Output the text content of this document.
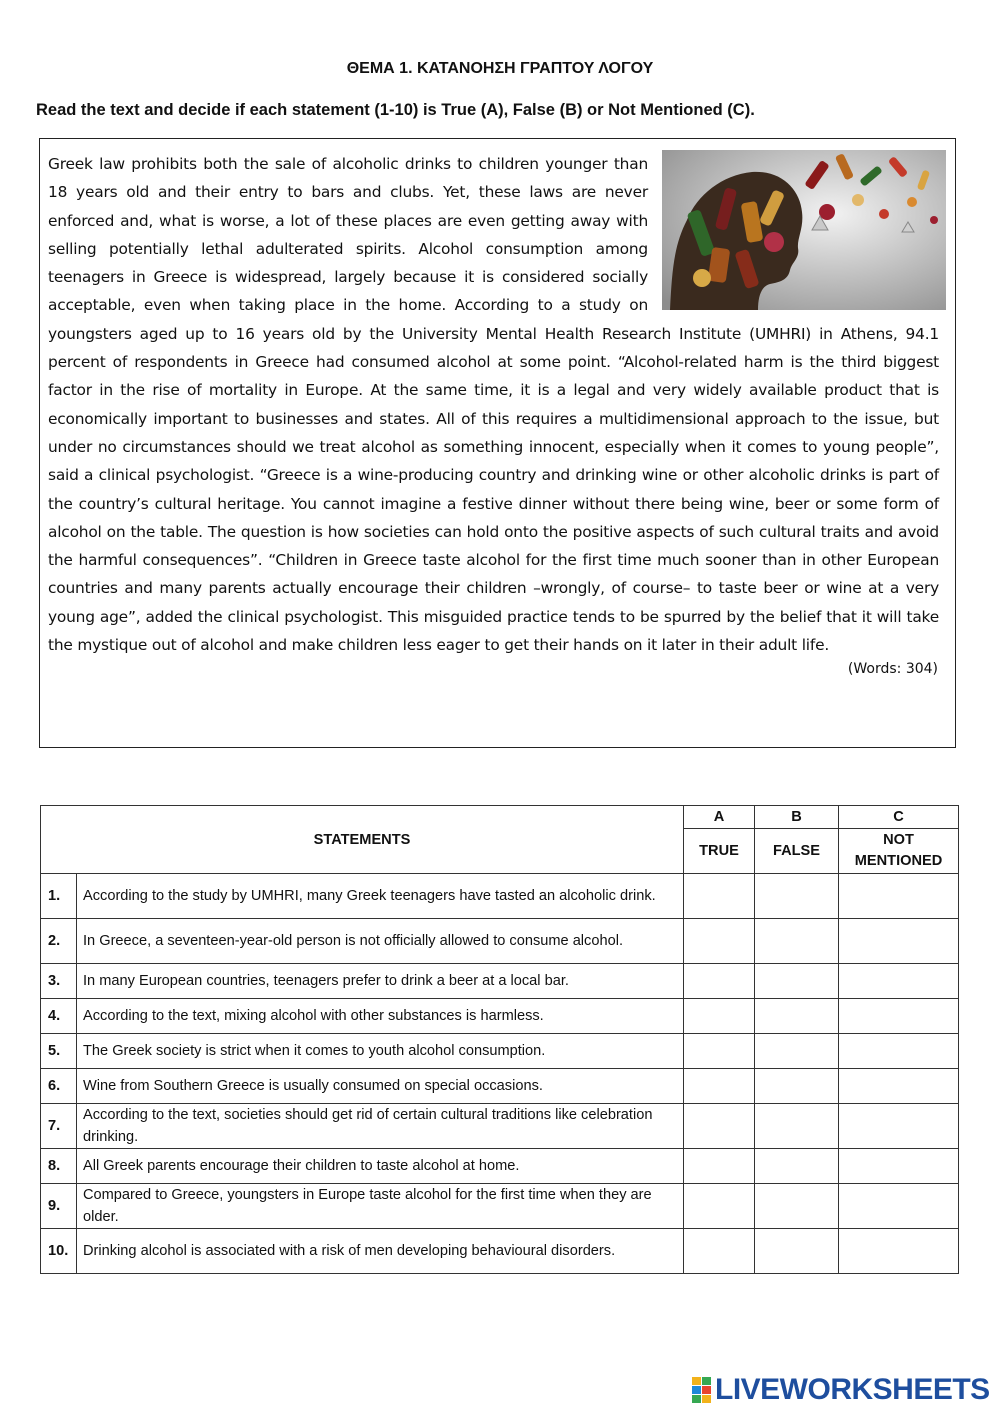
ΘΕΜΑ 1. ΚΑΤΑΝΟΗΣΗ ΓΡΑΠΤΟΥ ΛΟΓΟΥ
Read the text and decide if each statement (1-10) is True (A), False (B) or Not Mentioned (C).

Greek law prohibits both the sale of alcoholic drinks to children younger than 18 years old and their entry to bars and clubs. Yet, these laws are never enforced and, what is worse, a lot of these places are even getting away with selling potentially lethal adulterated spirits. Alcohol consumption among teenagers in Greece is widespread, largely because it is considered socially acceptable, even when taking place in the home. According to a study on youngsters aged up to 16 years old by the University Mental Health Research Institute (UMHRI) in Athens, 94.1 percent of respondents in Greece had consumed alcohol at some point. “Alcohol-related harm is the third biggest factor in the rise of mortality in Europe. At the same time, it is a legal and very widely available product that is economically important to businesses and states. All of this requires a multidimensional approach to the issue, but under no circumstances should we treat alcohol as something innocent, especially when it comes to young people”, said a clinical psychologist. “Greece is a wine-producing country and drinking wine or other alcoholic drinks is part of the country’s cultural heritage. You cannot imagine a festive dinner without there being wine, beer or some form of alcohol on the table. The question is how societies can hold onto the positive aspects of such cultural traits and avoid the harmful consequences”. “Children in Greece taste alcohol for the first time much sooner than in other European countries and many parents actually encourage their children –wrongly, of course– to taste beer or wine at a very young age”, added the clinical psychologist. This misguided practice tends to be spurred by the belief that it will take the mystique out of alcohol and make children less eager to get their hands on it later in their adult life.

(Words: 304)
STATEMENTS		A	B	C
		TRUE	FALSE	NOT MENTIONED
1.	According to the study by UMHRI, many Greek teenagers have tasted an alcoholic drink.			
2.	In Greece, a seventeen-year-old person is not officially allowed to consume alcohol.			
3.	In many European countries, teenagers prefer to drink a beer at a local bar.			
4.	According to the text, mixing alcohol with other substances is harmless.			
5.	The Greek society is strict when it comes to youth alcohol consumption.			
6.	Wine from Southern Greece is usually consumed on special occasions.			
7.	According to the text, societies should get rid of certain cultural traditions like celebration drinking.			
8.	All Greek parents encourage their children to taste alcohol at home.			
9.	Compared to Greece, youngsters in Europe taste alcohol for the first time when they are older.			
10.	Drinking alcohol is associated with a risk of men developing behavioural disorders.			
LIVEWORKSHEETS
